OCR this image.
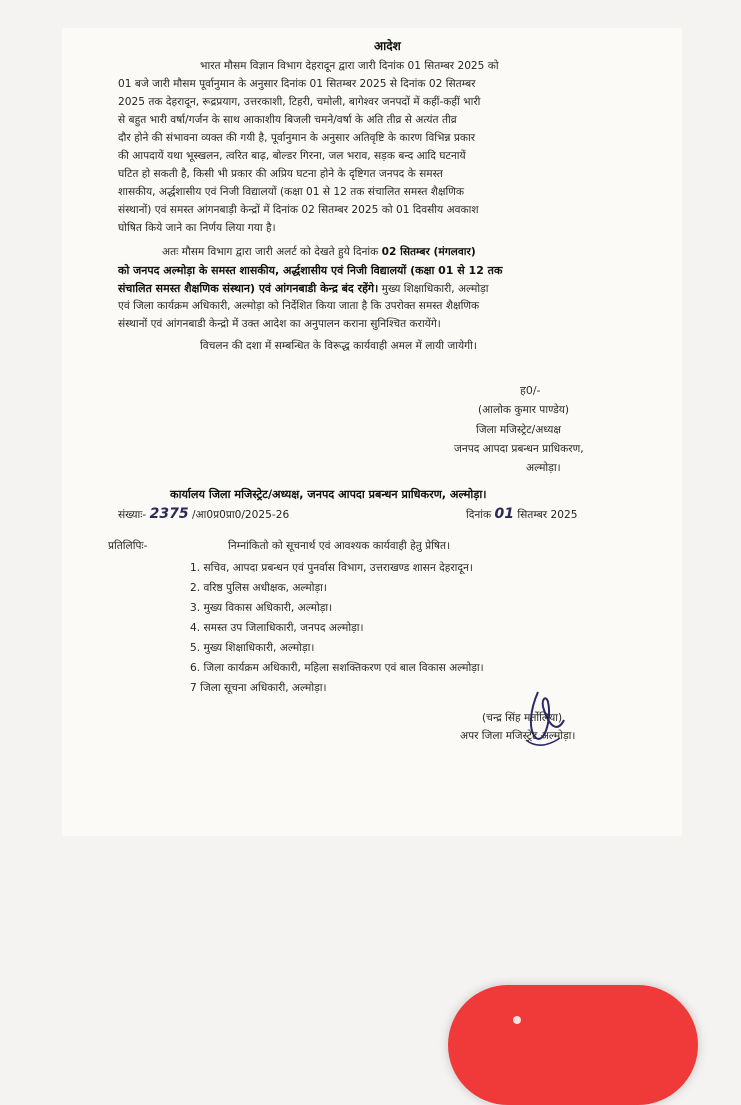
आदेश
भारत मौसम विज्ञान विभाग देहरादून द्वारा जारी दिनांक 01 सितम्बर 2025 को
01 बजे जारी मौसम पूर्वानुमान के अनुसार दिनांक 01 सितम्बर 2025 से दिनांक 02 सितम्बर
2025 तक देहरादून, रूद्रप्रयाग, उत्तरकाशी, टिहरी, चमोली, बागेश्वर जनपदों में कहीं-कहीं भारी
से बहुत भारी वर्षा/गर्जन के साथ आकाशीय बिजली चमने/वर्षा के अति तीव्र से अत्यंत तीव्र
दौर होने की संभावना व्यक्त की गयी है, पूर्वानुमान के अनुसार अतिवृष्टि के कारण विभिन्न प्रकार
की आपदायें यथा भूस्खलन, त्वरित बाढ़, बोल्डर गिरना, जल भराव, सड़क बन्द आदि घटनायें
घटित हो सकती है, किसी भी प्रकार की अप्रिय घटना होने के दृष्टिगत जनपद के समस्त
शासकीय, अर्द्धशासीय एवं निजी विद्यालयों (कक्षा 01 से 12 तक संचालित समस्त शैक्षणिक
संस्थानों) एवं समस्त आंगनबाड़ी केन्द्रों में दिनांक 02 सितम्बर 2025 को 01 दिवसीय अवकाश
घोषित किये जाने का निर्णय लिया गया है।
अतः मौसम विभाग द्वारा जारी अलर्ट को देखते हुये दिनांक 02 सितम्बर (मंगलवार)
को जनपद अल्मोड़ा के समस्त शासकीय, अर्द्धशासीय एवं निजी विद्यालयों (कक्षा 01 से 12 तक
संचालित समस्त शैक्षणिक संस्थान) एवं आंगनबाडी केन्द्र बंद रहेंगे। मुख्य शिक्षाधिकारी, अल्मोड़ा
एवं जिला कार्यक्रम अधिकारी, अल्मोड़ा को निर्देशित किया जाता है कि उपरोक्त समस्त शैक्षणिक
संस्थानों एवं आंगनबाडी केन्द्रो में उक्त आदेश का अनुपालन कराना सुनिश्चित करायेंगे।
विचलन की दशा में सम्बन्धित के विरूद्ध कार्यवाही अमल में लायी जायेगी।
ह0/-
(आलोक कुमार पाण्डेय)
जिला मजिस्ट्रेट/अध्यक्ष
जनपद आपदा प्रबन्धन प्राधिकरण,
अल्मोड़ा।
कार्यालय जिला मजिस्ट्रेट/अध्यक्ष, जनपद आपदा प्रबन्धन प्राधिकरण, अल्मोड़ा।
संख्याः- 2375 /आ0प्र0प्रा0/2025-26	दिनांक 01 सितम्बर 2025
प्रतिलिपिः-	निम्नांकितो को सूचनार्थ एवं आवश्यक कार्यवाही हेतु प्रेषित।
1. सचिव, आपदा प्रबन्धन एवं पुनर्वास विभाग, उत्तराखण्ड शासन देहरादून।
2. वरिष्ठ पुलिस अधीक्षक, अल्मोड़ा।
3. मुख्य विकास अधिकारी, अल्मोड़ा।
4. समस्त उप जिलाधिकारी, जनपद अल्मोड़ा।
5. मुख्य शिक्षाधिकारी, अल्मोड़ा।
6. जिला कार्यक्रम अधिकारी, महिला सशक्तिकरण एवं बाल विकास अल्मोड़ा।
7 जिला सूचना अधिकारी, अल्मोड़ा।
(चन्द्र सिंह मर्तोलिया)
अपर जिला मजिस्ट्रेट अल्मोड़ा।
